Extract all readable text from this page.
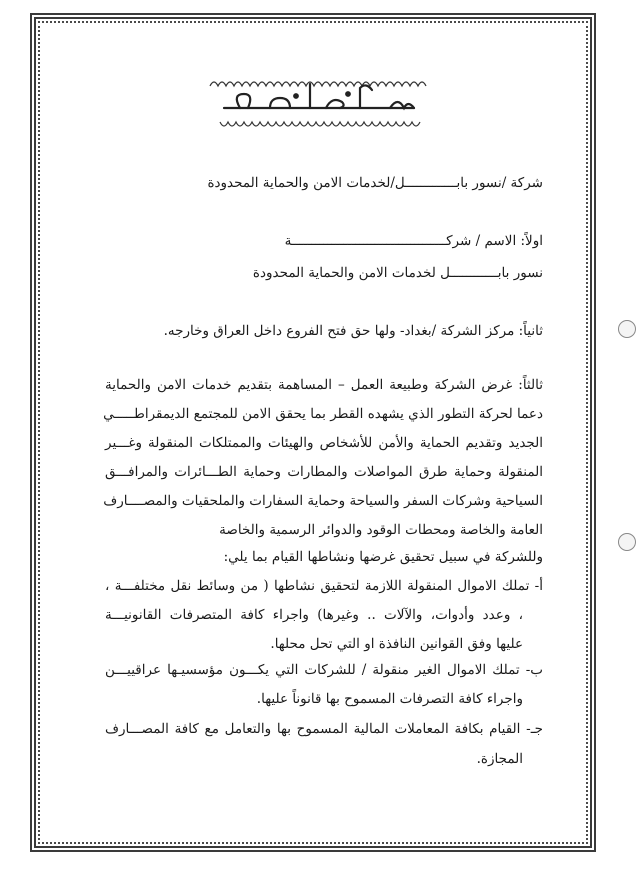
شركة /نسور بابـــــــــــــل/لخدمات الامن والحماية المحدودة
اولاً: الاسم / شركـــــــــــــــــــــــــــــــــــــــة
نسور بابــــــــــــل لخدمات الامن والحماية المحدودة
ثانياً: مركز الشركة /بغداد- ولها حق فتح الفروع داخل العراق وخارجه.
ثالثاً: غرض الشركة وطبيعة العمل – المساهمة بتقديم خدمات الامن والحماية
دعما لحركة التطور الذي يشهده القطر بما يحقق الامن للمجتمع الديمقراطـــــي
الجديد وتقديم الحماية والأمن للأشخاص والهيئات والممتلكات المنقولة وغـــير
المنقولة وحماية طرق المواصلات والمطارات وحماية الطـــائرات والمرافـــق
السياحية وشركات السفر والسياحة وحماية السفارات والملحقيات والمصــــارف
العامة والخاصة ومحطات الوقود والدوائر الرسمية والخاصة
وللشركة في سبيل تحقيق غرضها ونشاطها القيام بما يلي:
أ- تملك الاموال المنقولة اللازمة لتحقيق نشاطها ( من وسائط نقل مختلفـــة ،
، وعدد وأدوات، والآلات .. وغيرها) واجراء كافة المتصرفات القانونيـــة
عليها وفق القوانين النافذة او التي تحل محلها.
ب- تملك الاموال الغير منقولة / للشركات التي يكـــون مؤسسيـها عراقييـــن
واجراء كافة التصرفات المسموح بها قانوناً عليها.
جـ- القيام بكافة المعاملات المالية المسموح بها والتعامل مع كافة المصـــارف
المجازة.
